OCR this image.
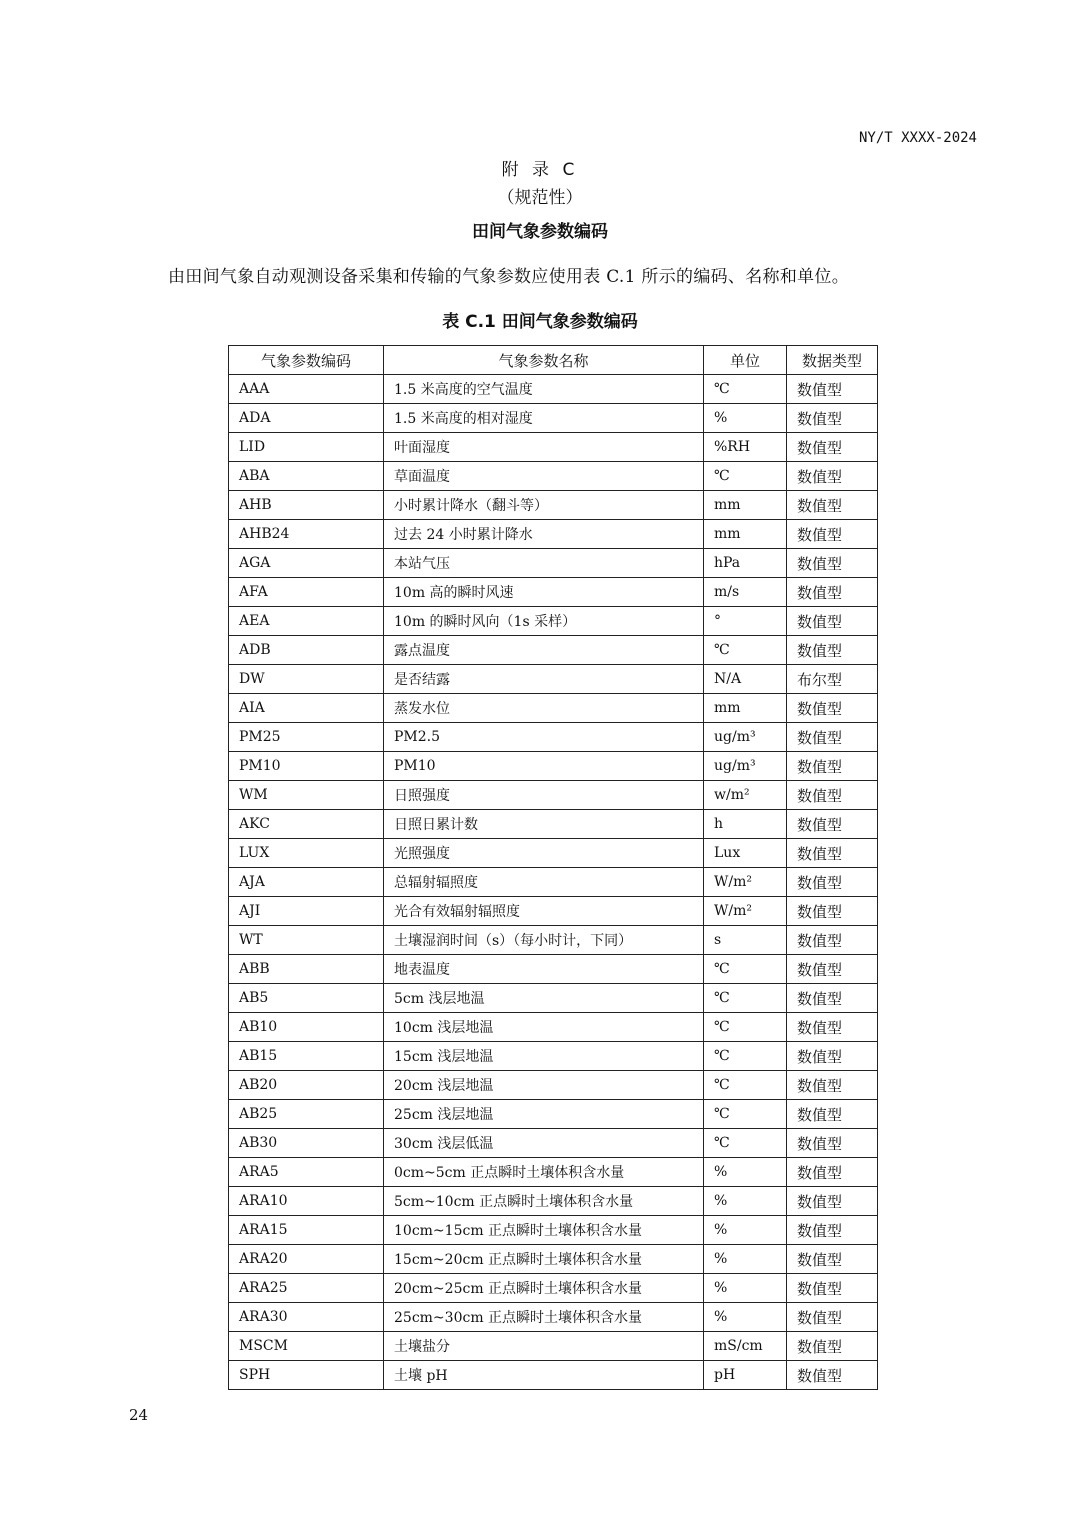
NY/T XXXX-2024
附 录 C
（规范性）
田间气象参数编码
由田间气象自动观测设备采集和传输的气象参数应使用表 C.1 所示的编码、名称和单位。
表 C.1 田间气象参数编码
气象参数编码	气象参数名称	单位	数据类型
AAA	1.5 米高度的空气温度	℃	数值型
ADA	1.5 米高度的相对湿度	%	数值型
LID	叶面湿度	%RH	数值型
ABA	草面温度	℃	数值型
AHB	小时累计降水（翻斗等）	mm	数值型
AHB24	过去 24 小时累计降水	mm	数值型
AGA	本站气压	hPa	数值型
AFA	10m 高的瞬时风速	m/s	数值型
AEA	10m 的瞬时风向（1s 采样）	°	数值型
ADB	露点温度	℃	数值型
DW	是否结露	N/A	布尔型
AIA	蒸发水位	mm	数值型
PM25	PM2.5	ug/m³	数值型
PM10	PM10	ug/m³	数值型
WM	日照强度	w/m²	数值型
AKC	日照日累计数	h	数值型
LUX	光照强度	Lux	数值型
AJA	总辐射辐照度	W/m²	数值型
AJI	光合有效辐射辐照度	W/m²	数值型
WT	土壤湿润时间（s）（每小时计，下同）	s	数值型
ABB	地表温度	℃	数值型
AB5	5cm 浅层地温	℃	数值型
AB10	10cm 浅层地温	℃	数值型
AB15	15cm 浅层地温	℃	数值型
AB20	20cm 浅层地温	℃	数值型
AB25	25cm 浅层地温	℃	数值型
AB30	30cm 浅层低温	℃	数值型
ARA5	0cm~5cm 正点瞬时土壤体积含水量	%	数值型
ARA10	5cm~10cm 正点瞬时土壤体积含水量	%	数值型
ARA15	10cm~15cm 正点瞬时土壤体积含水量	%	数值型
ARA20	15cm~20cm 正点瞬时土壤体积含水量	%	数值型
ARA25	20cm~25cm 正点瞬时土壤体积含水量	%	数值型
ARA30	25cm~30cm 正点瞬时土壤体积含水量	%	数值型
MSCM	土壤盐分	mS/cm	数值型
SPH	土壤 pH	pH	数值型
24
